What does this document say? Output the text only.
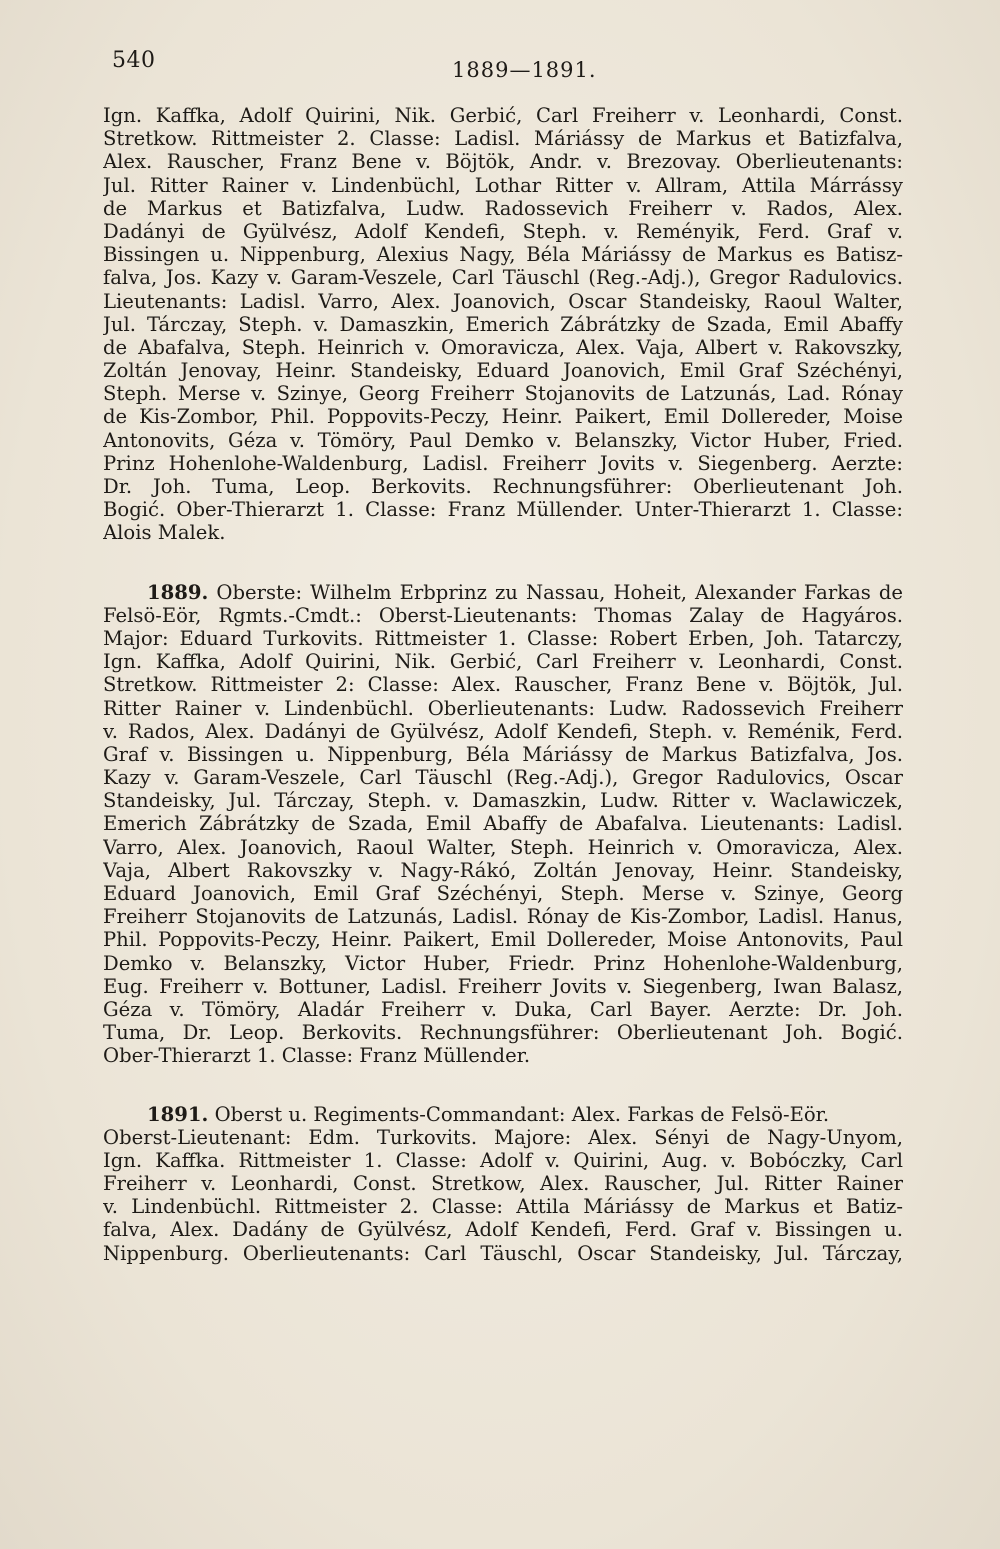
540	1889—1891.
Ign. Kaffka, Adolf Quirini, Nik. Gerbić, Carl Freiherr v. Leonhardi, Const.
Stretkow. Rittmeister 2. Classe: Ladisl. Máriássy de Markus et Batizfalva,
Alex. Rauscher, Franz Bene v. Böjtök, Andr. v. Brezovay. Oberlieutenants:
Jul. Ritter Rainer v. Lindenbüchl, Lothar Ritter v. Allram, Attila Márrássy
de Markus et Batizfalva, Ludw. Radossevich Freiherr v. Rados, Alex.
Dadányi de Gyülvész, Adolf Kendefi, Steph. v. Reményik, Ferd. Graf v.
Bissingen u. Nippenburg, Alexius Nagy, Béla Máriássy de Markus es Batisz-
falva, Jos. Kazy v. Garam-Veszele, Carl Täuschl (Reg.-Adj.), Gregor Radulovics.
Lieutenants: Ladisl. Varro, Alex. Joanovich, Oscar Standeisky, Raoul Walter,
Jul. Tárczay, Steph. v. Damaszkin, Emerich Zábrátzky de Szada, Emil Abaffy
de Abafalva, Steph. Heinrich v. Omoravicza, Alex. Vaja, Albert v. Rakovszky,
Zoltán Jenovay, Heinr. Standeisky, Eduard Joanovich, Emil Graf Széchényi,
Steph. Merse v. Szinye, Georg Freiherr Stojanovits de Latzunás, Lad. Rónay
de Kis-Zombor, Phil. Poppovits-Peczy, Heinr. Paikert, Emil Dollereder, Moise
Antonovits, Géza v. Tömöry, Paul Demko v. Belanszky, Victor Huber, Fried.
Prinz Hohenlohe-Waldenburg, Ladisl. Freiherr Jovits v. Siegenberg. Aerzte:
Dr. Joh. Tuma, Leop. Berkovits. Rechnungsführer: Oberlieutenant Joh.
Bogić. Ober-Thierarzt 1. Classe: Franz Müllender. Unter-Thierarzt 1. Classe:
Alois Malek.
1889. Oberste: Wilhelm Erbprinz zu Nassau, Hoheit, Alexander Farkas de
Felsö-Eör, Rgmts.-Cmdt.: Oberst-Lieutenants: Thomas Zalay de Hagyáros.
Major: Eduard Turkovits. Rittmeister 1. Classe: Robert Erben, Joh. Tatarczy,
Ign. Kaffka, Adolf Quirini, Nik. Gerbić, Carl Freiherr v. Leonhardi, Const.
Stretkow. Rittmeister 2: Classe: Alex. Rauscher, Franz Bene v. Böjtök, Jul.
Ritter Rainer v. Lindenbüchl. Oberlieutenants: Ludw. Radossevich Freiherr
v. Rados, Alex. Dadányi de Gyülvész, Adolf Kendefi, Steph. v. Reménik, Ferd.
Graf v. Bissingen u. Nippenburg, Béla Máriássy de Markus Batizfalva, Jos.
Kazy v. Garam-Veszele, Carl Täuschl (Reg.-Adj.), Gregor Radulovics, Oscar
Standeisky, Jul. Tárczay, Steph. v. Damaszkin, Ludw. Ritter v. Waclawiczek,
Emerich Zábrátzky de Szada, Emil Abaffy de Abafalva. Lieutenants: Ladisl.
Varro, Alex. Joanovich, Raoul Walter, Steph. Heinrich v. Omoravicza, Alex.
Vaja, Albert Rakovszky v. Nagy-Rákó, Zoltán Jenovay, Heinr. Standeisky,
Eduard Joanovich, Emil Graf Széchényi, Steph. Merse v. Szinye, Georg
Freiherr Stojanovits de Latzunás, Ladisl. Rónay de Kis-Zombor, Ladisl. Hanus,
Phil. Poppovits-Peczy, Heinr. Paikert, Emil Dollereder, Moise Antonovits, Paul
Demko v. Belanszky, Victor Huber, Friedr. Prinz Hohenlohe-Waldenburg,
Eug. Freiherr v. Bottuner, Ladisl. Freiherr Jovits v. Siegenberg, Iwan Balasz,
Géza v. Tömöry, Aladár Freiherr v. Duka, Carl Bayer. Aerzte: Dr. Joh.
Tuma, Dr. Leop. Berkovits. Rechnungsführer: Oberlieutenant Joh. Bogić.
Ober-Thierarzt 1. Classe: Franz Müllender.
1891. Oberst u. Regiments-Commandant: Alex. Farkas de Felsö-Eör.
Oberst-Lieutenant: Edm. Turkovits. Majore: Alex. Sényi de Nagy-Unyom,
Ign. Kaffka. Rittmeister 1. Classe: Adolf v. Quirini, Aug. v. Bobóczky, Carl
Freiherr v. Leonhardi, Const. Stretkow, Alex. Rauscher, Jul. Ritter Rainer
v. Lindenbüchl. Rittmeister 2. Classe: Attila Máriássy de Markus et Batiz-
falva, Alex. Dadány de Gyülvész, Adolf Kendefi, Ferd. Graf v. Bissingen u.
Nippenburg. Oberlieutenants: Carl Täuschl, Oscar Standeisky, Jul. Tárczay,
